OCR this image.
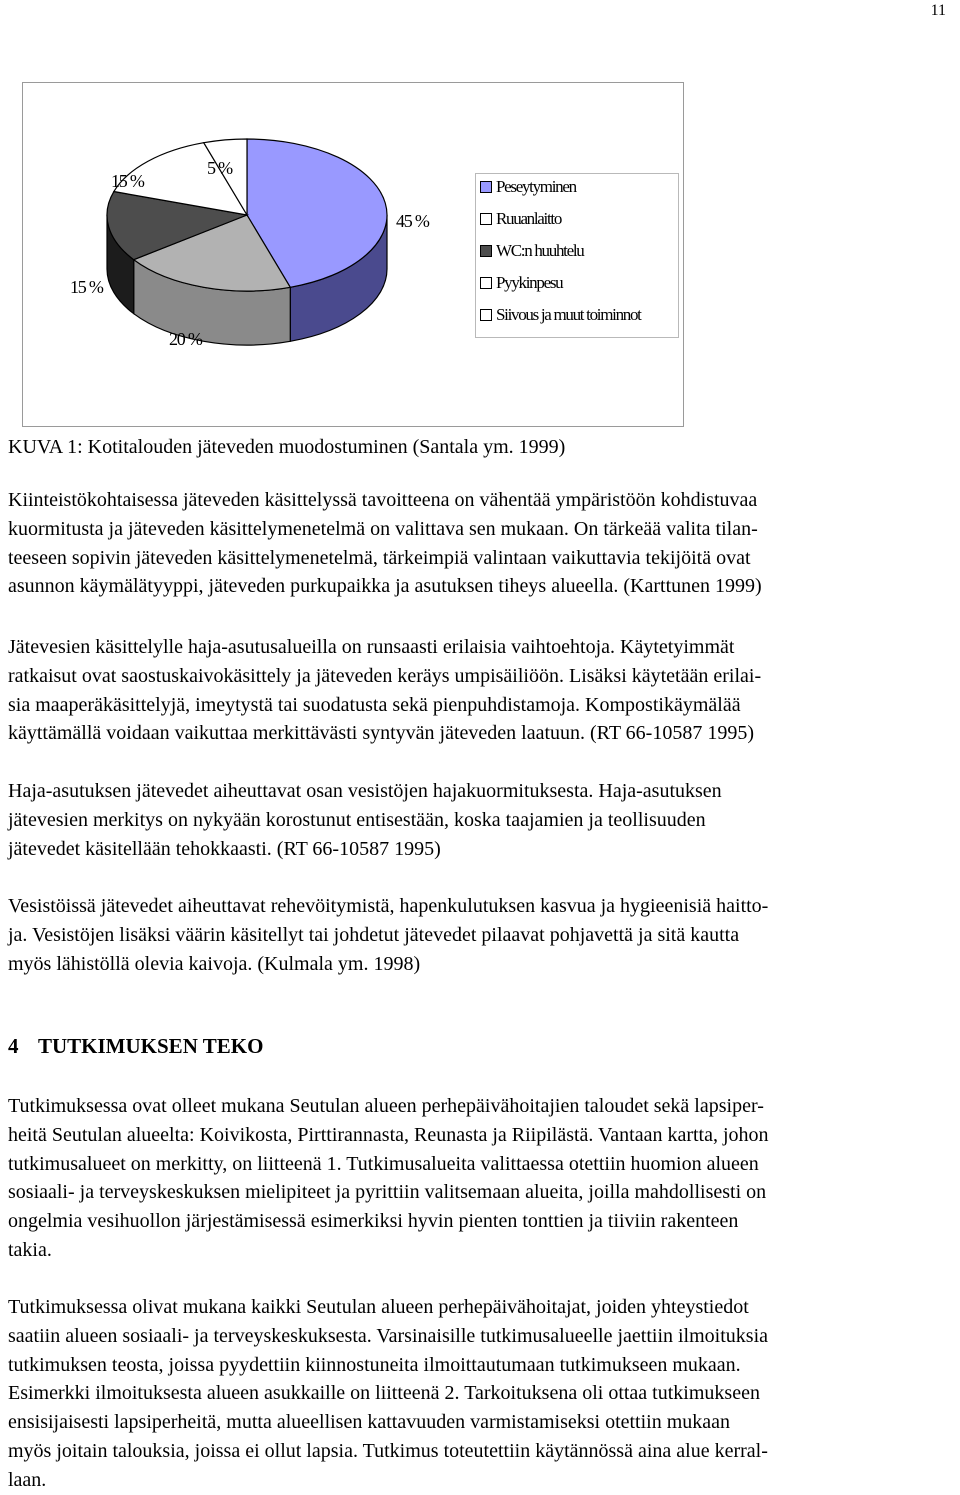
11
45 %
20 %
15 %
15 %
5 %
Peseytyminen
Ruuanlaitto
WC:n huuhtelu
Pyykinpesu
Siivous ja muut toiminnot
KUVA 1: Kotitalouden jäteveden muodostuminen (Santala ym. 1999)

Kiinteistökohtaisessa jäteveden käsittelyssä tavoitteena on vähentää ympäristöön kohdistuvaa
kuormitusta ja jäteveden käsittelymenetelmä on valittava sen mukaan. On tärkeää valita tilan-
teeseen sopivin jäteveden käsittelymenetelmä, tärkeimpiä valintaan vaikuttavia tekijöitä ovat
asunnon käymälätyyppi, jäteveden purkupaikka ja asutuksen tiheys alueella. (Karttunen 1999)

Jätevesien käsittelylle haja-asutusalueilla on runsaasti erilaisia vaihtoehtoja. Käytetyimmät
ratkaisut ovat saostuskaivokäsittely ja jäteveden keräys umpisäiliöön. Lisäksi käytetään erilai-
sia maaperäkäsittelyjä, imeytystä tai suodatusta sekä pienpuhdistamoja. Kompostikäymälää
käyttämällä voidaan vaikuttaa merkittävästi syntyvän jäteveden laatuun. (RT 66-10587 1995)

Haja-asutuksen jätevedet aiheuttavat osan vesistöjen hajakuormituksesta. Haja-asutuksen
jätevesien merkitys on nykyään korostunut entisestään, koska taajamien ja teollisuuden
jätevedet käsitellään tehokkaasti. (RT 66-10587 1995)

Vesistöissä jätevedet aiheuttavat rehevöitymistä, hapenkulutuksen kasvua ja hygieenisiä haitto-
ja. Vesistöjen lisäksi väärin käsitellyt tai johdetut jätevedet pilaavat pohjavettä ja sitä kautta
myös lähistöllä olevia kaivoja. (Kulmala ym. 1998)

4 TUTKIMUKSEN TEKO

Tutkimuksessa ovat olleet mukana Seutulan alueen perhepäivähoitajien taloudet sekä lapsiper-
heitä Seutulan alueelta: Koivikosta, Pirttirannasta, Reunasta ja Riipilästä. Vantaan kartta, johon
tutkimusalueet on merkitty, on liitteenä 1. Tutkimusalueita valittaessa otettiin huomion alueen
sosiaali- ja terveyskeskuksen mielipiteet ja pyrittiin valitsemaan alueita, joilla mahdollisesti on
ongelmia vesihuollon järjestämisessä esimerkiksi hyvin pienten tonttien ja tiiviin rakenteen
takia.

Tutkimuksessa olivat mukana kaikki Seutulan alueen perhepäivähoitajat, joiden yhteystiedot
saatiin alueen sosiaali- ja terveyskeskuksesta. Varsinaisille tutkimusalueelle jaettiin ilmoituksia
tutkimuksen teosta, joissa pyydettiin kiinnostuneita ilmoittautumaan tutkimukseen mukaan.
Esimerkki ilmoituksesta alueen asukkaille on liitteenä 2. Tarkoituksena oli ottaa tutkimukseen
ensisijaisesti lapsiperheitä, mutta alueellisen kattavuuden varmistamiseksi otettiin mukaan
myös joitain talouksia, joissa ei ollut lapsia. Tutkimus toteutettiin käytännössä aina alue kerral-
laan.
